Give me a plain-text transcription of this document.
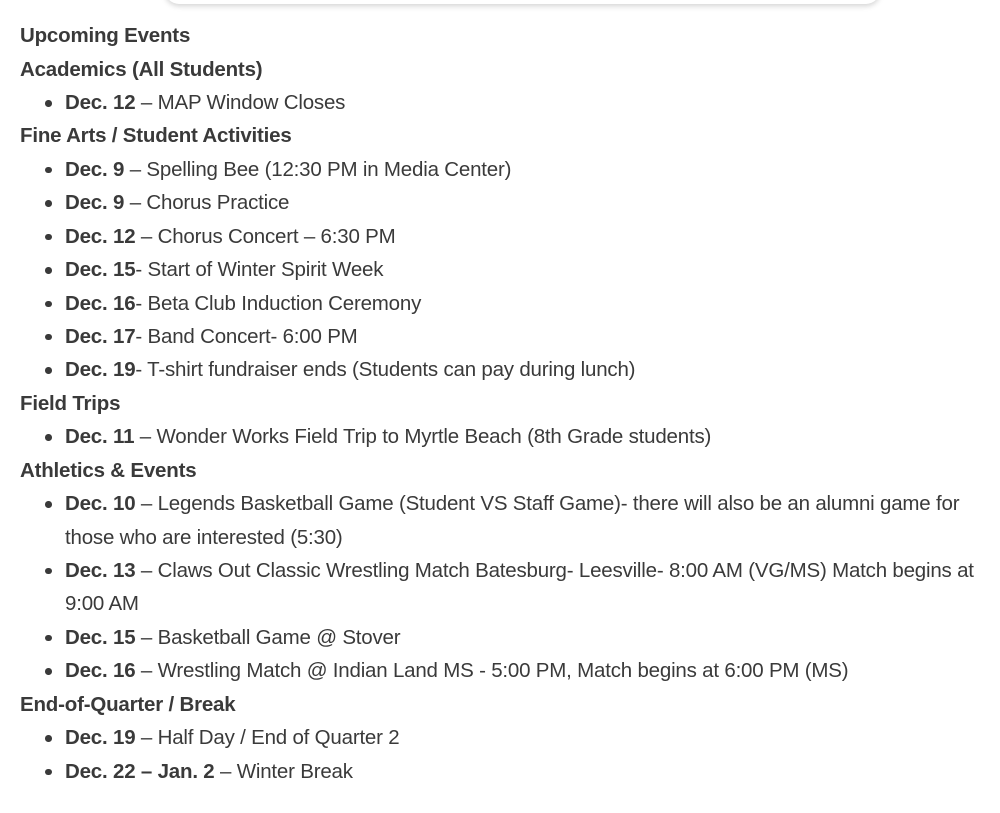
Upcoming Events
Academics (All Students)
Dec. 12 – MAP Window Closes
Fine Arts / Student Activities
Dec. 9 – Spelling Bee (12:30 PM in Media Center)
Dec. 9 – Chorus Practice
Dec. 12 – Chorus Concert – 6:30 PM
Dec. 15- Start of Winter Spirit Week
Dec. 16- Beta Club Induction Ceremony
Dec. 17- Band Concert- 6:00 PM
Dec. 19- T-shirt fundraiser ends (Students can pay during lunch)
Field Trips
Dec. 11 – Wonder Works Field Trip to Myrtle Beach (8th Grade students)
Athletics & Events
Dec. 10 – Legends Basketball Game (Student VS Staff Game)- there will also be an alumni game for those who are interested (5:30)
Dec. 13 – Claws Out Classic Wrestling Match Batesburg- Leesville- 8:00 AM (VG/MS) Match begins at 9:00 AM
Dec. 15 – Basketball Game @ Stover
Dec. 16 – Wrestling Match @ Indian Land MS - 5:00 PM, Match begins at 6:00 PM (MS)
End-of-Quarter / Break
Dec. 19 – Half Day / End of Quarter 2
Dec. 22 – Jan. 2 – Winter Break
